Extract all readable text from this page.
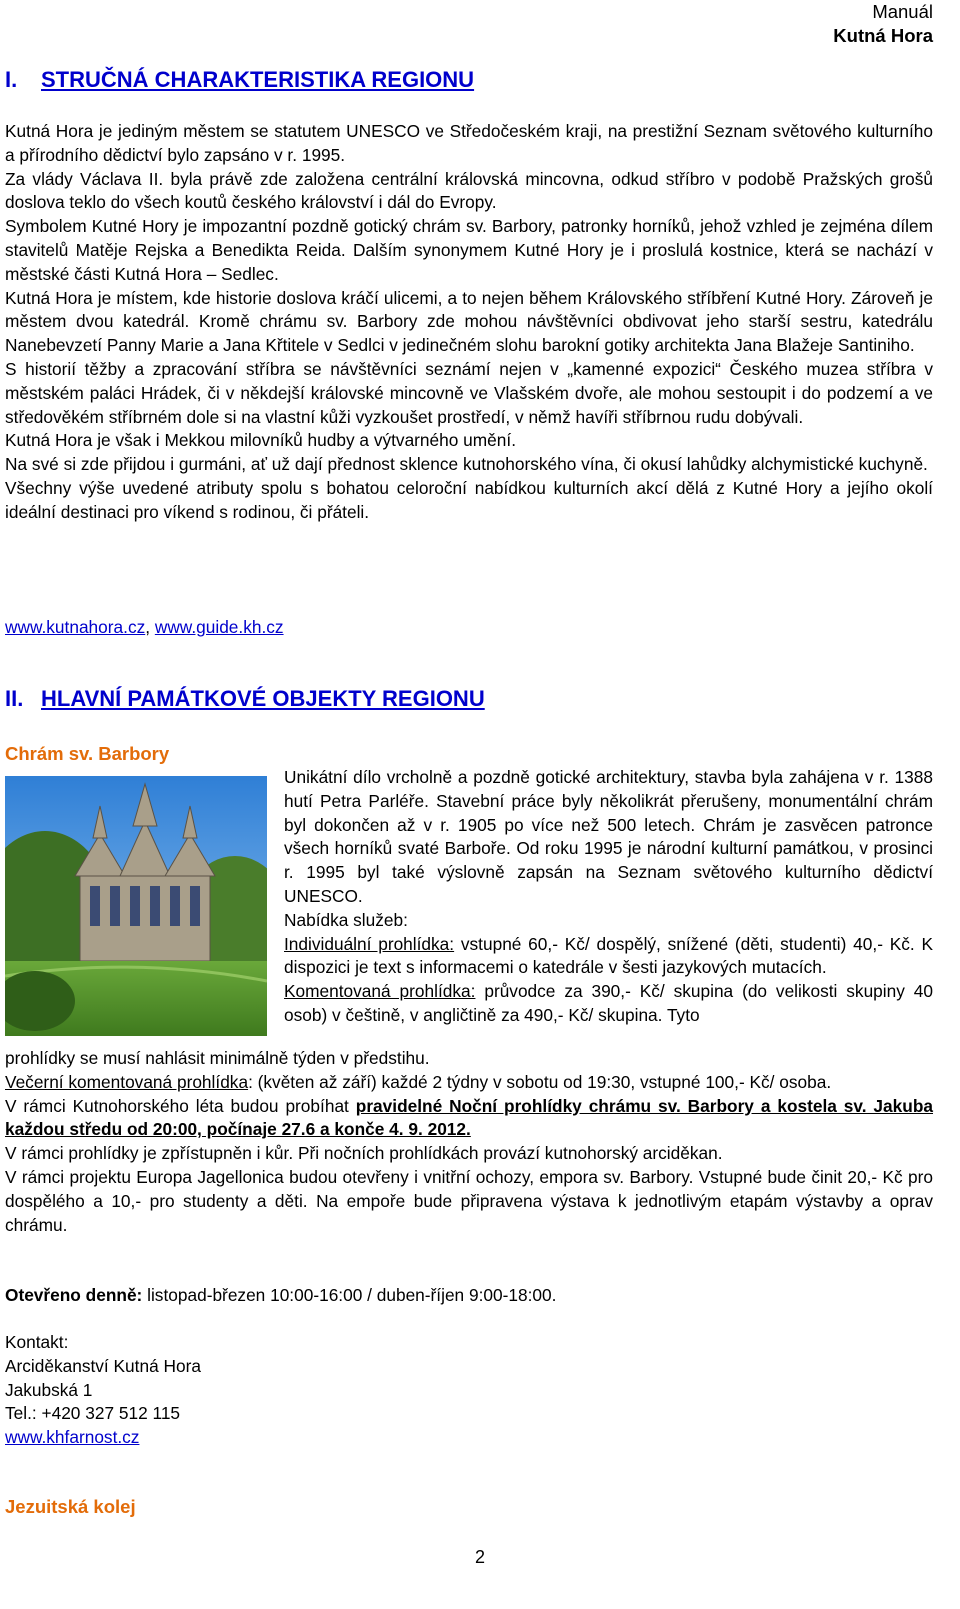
Manuál
Kutná Hora
I. STRUČNÁ CHARAKTERISTIKA REGIONU

Kutná Hora je jediným městem se statutem UNESCO ve Středočeském kraji, na prestižní Seznam světového kulturního a přírodního dědictví bylo zapsáno v r. 1995.

Za vlády Václava II. byla právě zde založena centrální královská mincovna, odkud stříbro v podobě Pražských grošů doslova teklo do všech koutů českého království i dál do Evropy.

Symbolem Kutné Hory je impozantní pozdně gotický chrám sv. Barbory, patronky horníků, jehož vzhled je zejména dílem stavitelů Matěje Rejska a Benedikta Reida. Dalším synonymem Kutné Hory je i proslulá kostnice, která se nachází v městské části Kutná Hora – Sedlec.

Kutná Hora je místem, kde historie doslova kráčí ulicemi, a to nejen během Královského stříbření Kutné Hory. Zároveň je městem dvou katedrál. Kromě chrámu sv. Barbory zde mohou návštěvníci obdivovat jeho starší sestru, katedrálu Nanebevzetí Panny Marie a Jana Křtitele v Sedlci v jedinečném slohu barokní gotiky architekta Jana Blažeje Santiniho.

S historií těžby a zpracování stříbra se návštěvníci seznámí nejen v „kamenné expozici“ Českého muzea stříbra v městském paláci Hrádek, či v někdejší královské mincovně ve Vlašském dvoře, ale mohou sestoupit i do podzemí a ve středověkém stříbrném dole si na vlastní kůži vyzkoušet prostředí, v němž havíři stříbrnou rudu dobývali.

Kutná Hora je však i Mekkou milovníků hudby a výtvarného umění.

Na své si zde přijdou i gurmáni, ať už dají přednost sklence kutnohorského vína, či okusí lahůdky alchymistické kuchyně.

Všechny výše uvedené atributy spolu s bohatou celoroční nabídkou kulturních akcí dělá z Kutné Hory a jejího okolí ideální destinaci pro víkend s rodinou, či přáteli.

www.kutnahora.cz, www.guide.kh.cz
II. HLAVNÍ PAMÁTKOVÉ OBJEKTY REGIONU
Chrám sv. Barbory

Unikátní dílo vrcholně a pozdně gotické architektury, stavba byla zahájena v r. 1388 hutí Petra Parléře. Stavební práce byly několikrát přerušeny, monumentální chrám byl dokončen až v r. 1905 po více než 500 letech. Chrám je zasvěcen patronce všech horníků svaté Barboře. Od roku 1995 je národní kulturní památkou, v prosinci r. 1995 byl také výslovně zapsán na Seznam světového kulturního dědictví UNESCO.

Nabídka služeb:

Individuální prohlídka: vstupné 60,- Kč/ dospělý, snížené (děti, studenti) 40,- Kč. K dispozici je text s informacemi o katedrále v šesti jazykových mutacích.

Komentovaná prohlídka: průvodce za 390,- Kč/ skupina (do velikosti skupiny 40 osob) v češtině, v angličtině za 490,- Kč/ skupina. Tyto

prohlídky se musí nahlásit minimálně týden v předstihu.

Večerní komentovaná prohlídka: (květen až září) každé 2 týdny v sobotu od 19:30, vstupné 100,- Kč/ osoba.

V rámci Kutnohorského léta budou probíhat pravidelné Noční prohlídky chrámu sv. Barbory a kostela sv. Jakuba každou středu od 20:00, počínaje 27.6 a konče 4. 9. 2012.

V rámci prohlídky je zpřístupněn i kůr. Při nočních prohlídkách provází kutnohorský arciděkan.

V rámci projektu Europa Jagellonica budou otevřeny i vnitřní ochozy, empora sv. Barbory. Vstupné bude činit 20,- Kč pro dospělého a 10,- pro studenty a děti. Na empoře bude připravena výstava k jednotlivým etapám výstavby a oprav chrámu.

Otevřeno denně: listopad-březen 10:00-16:00 / duben-říjen 9:00-18:00.

Kontakt:

Arciděkanství Kutná Hora

Jakubská 1

Tel.: +420 327 512 115

www.khfarnost.cz

Jezuitská kolej
2
